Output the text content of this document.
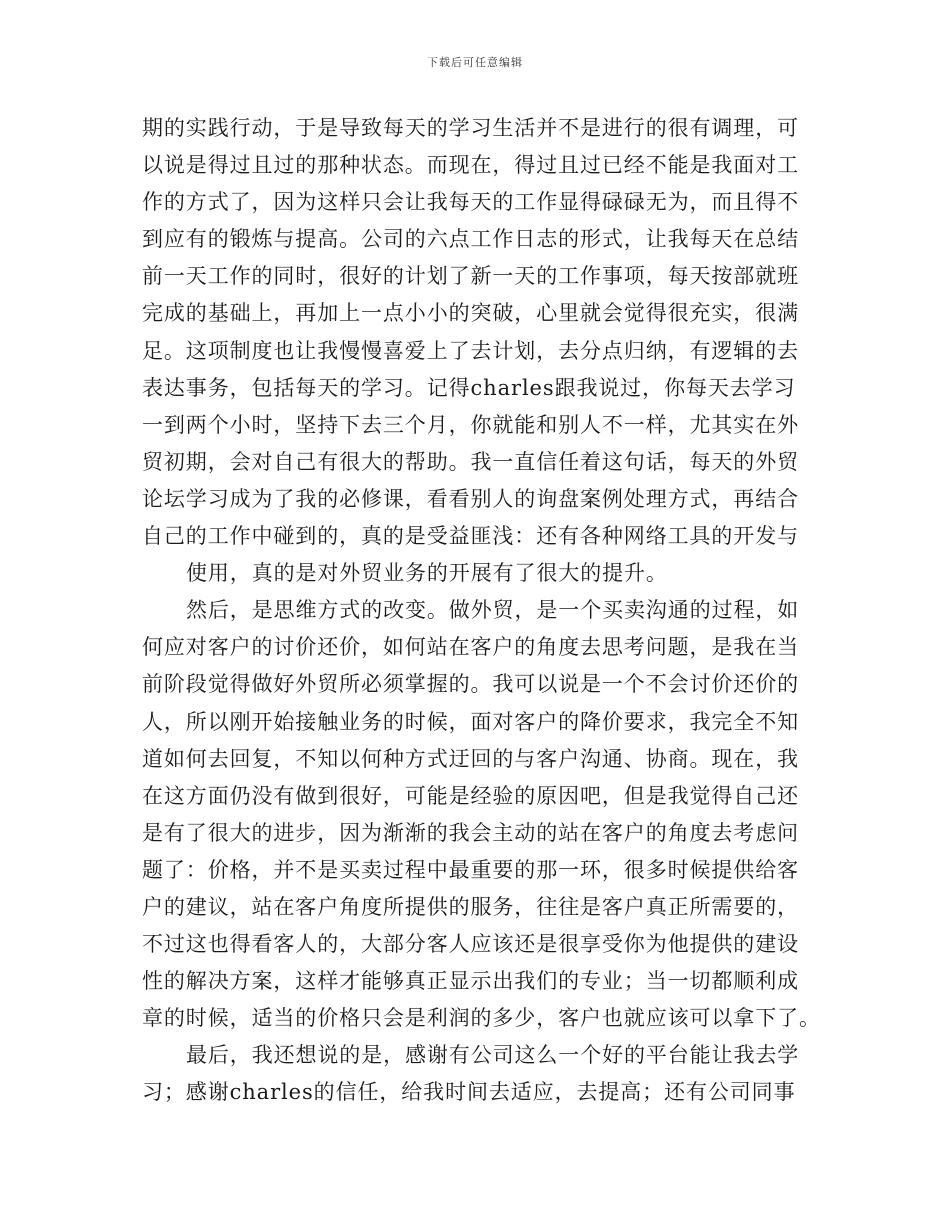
下载后可任意编辑
期的实践行动，于是导致每天的学习生活并不是进行的很有调理，可
以说是得过且过的那种状态。而现在，得过且过已经不能是我面对工
作的方式了，因为这样只会让我每天的工作显得碌碌无为，而且得不
到应有的锻炼与提高。公司的六点工作日志的形式，让我每天在总结
前一天工作的同时，很好的计划了新一天的工作事项，每天按部就班
完成的基础上，再加上一点小小的突破，心里就会觉得很充实，很满
足。这项制度也让我慢慢喜爱上了去计划，去分点归纳，有逻辑的去
表达事务，包括每天的学习。记得charles跟我说过，你每天去学习
一到两个小时，坚持下去三个月，你就能和别人不一样，尤其实在外
贸初期，会对自己有很大的帮助。我一直信任着这句话，每天的外贸
论坛学习成为了我的必修课，看看别人的询盘案例处理方式，再结合
自己的工作中碰到的，真的是受益匪浅：还有各种网络工具的开发与
使用，真的是对外贸业务的开展有了很大的提升。
然后，是思维方式的改变。做外贸，是一个买卖沟通的过程，如
何应对客户的讨价还价，如何站在客户的角度去思考问题，是我在当
前阶段觉得做好外贸所必须掌握的。我可以说是一个不会讨价还价的
人，所以刚开始接触业务的时候，面对客户的降价要求，我完全不知
道如何去回复，不知以何种方式迂回的与客户沟通、协商。现在，我
在这方面仍没有做到很好，可能是经验的原因吧，但是我觉得自己还
是有了很大的进步，因为渐渐的我会主动的站在客户的角度去考虑问
题了：价格，并不是买卖过程中最重要的那一环，很多时候提供给客
户的建议，站在客户角度所提供的服务，往往是客户真正所需要的，
不过这也得看客人的，大部分客人应该还是很享受你为他提供的建设
性的解决方案，这样才能够真正显示出我们的专业；当一切都顺利成
章的时候，适当的价格只会是利润的多少，客户也就应该可以拿下了。
最后，我还想说的是，感谢有公司这么一个好的平台能让我去学
习；感谢charles的信任，给我时间去适应，去提高；还有公司同事
